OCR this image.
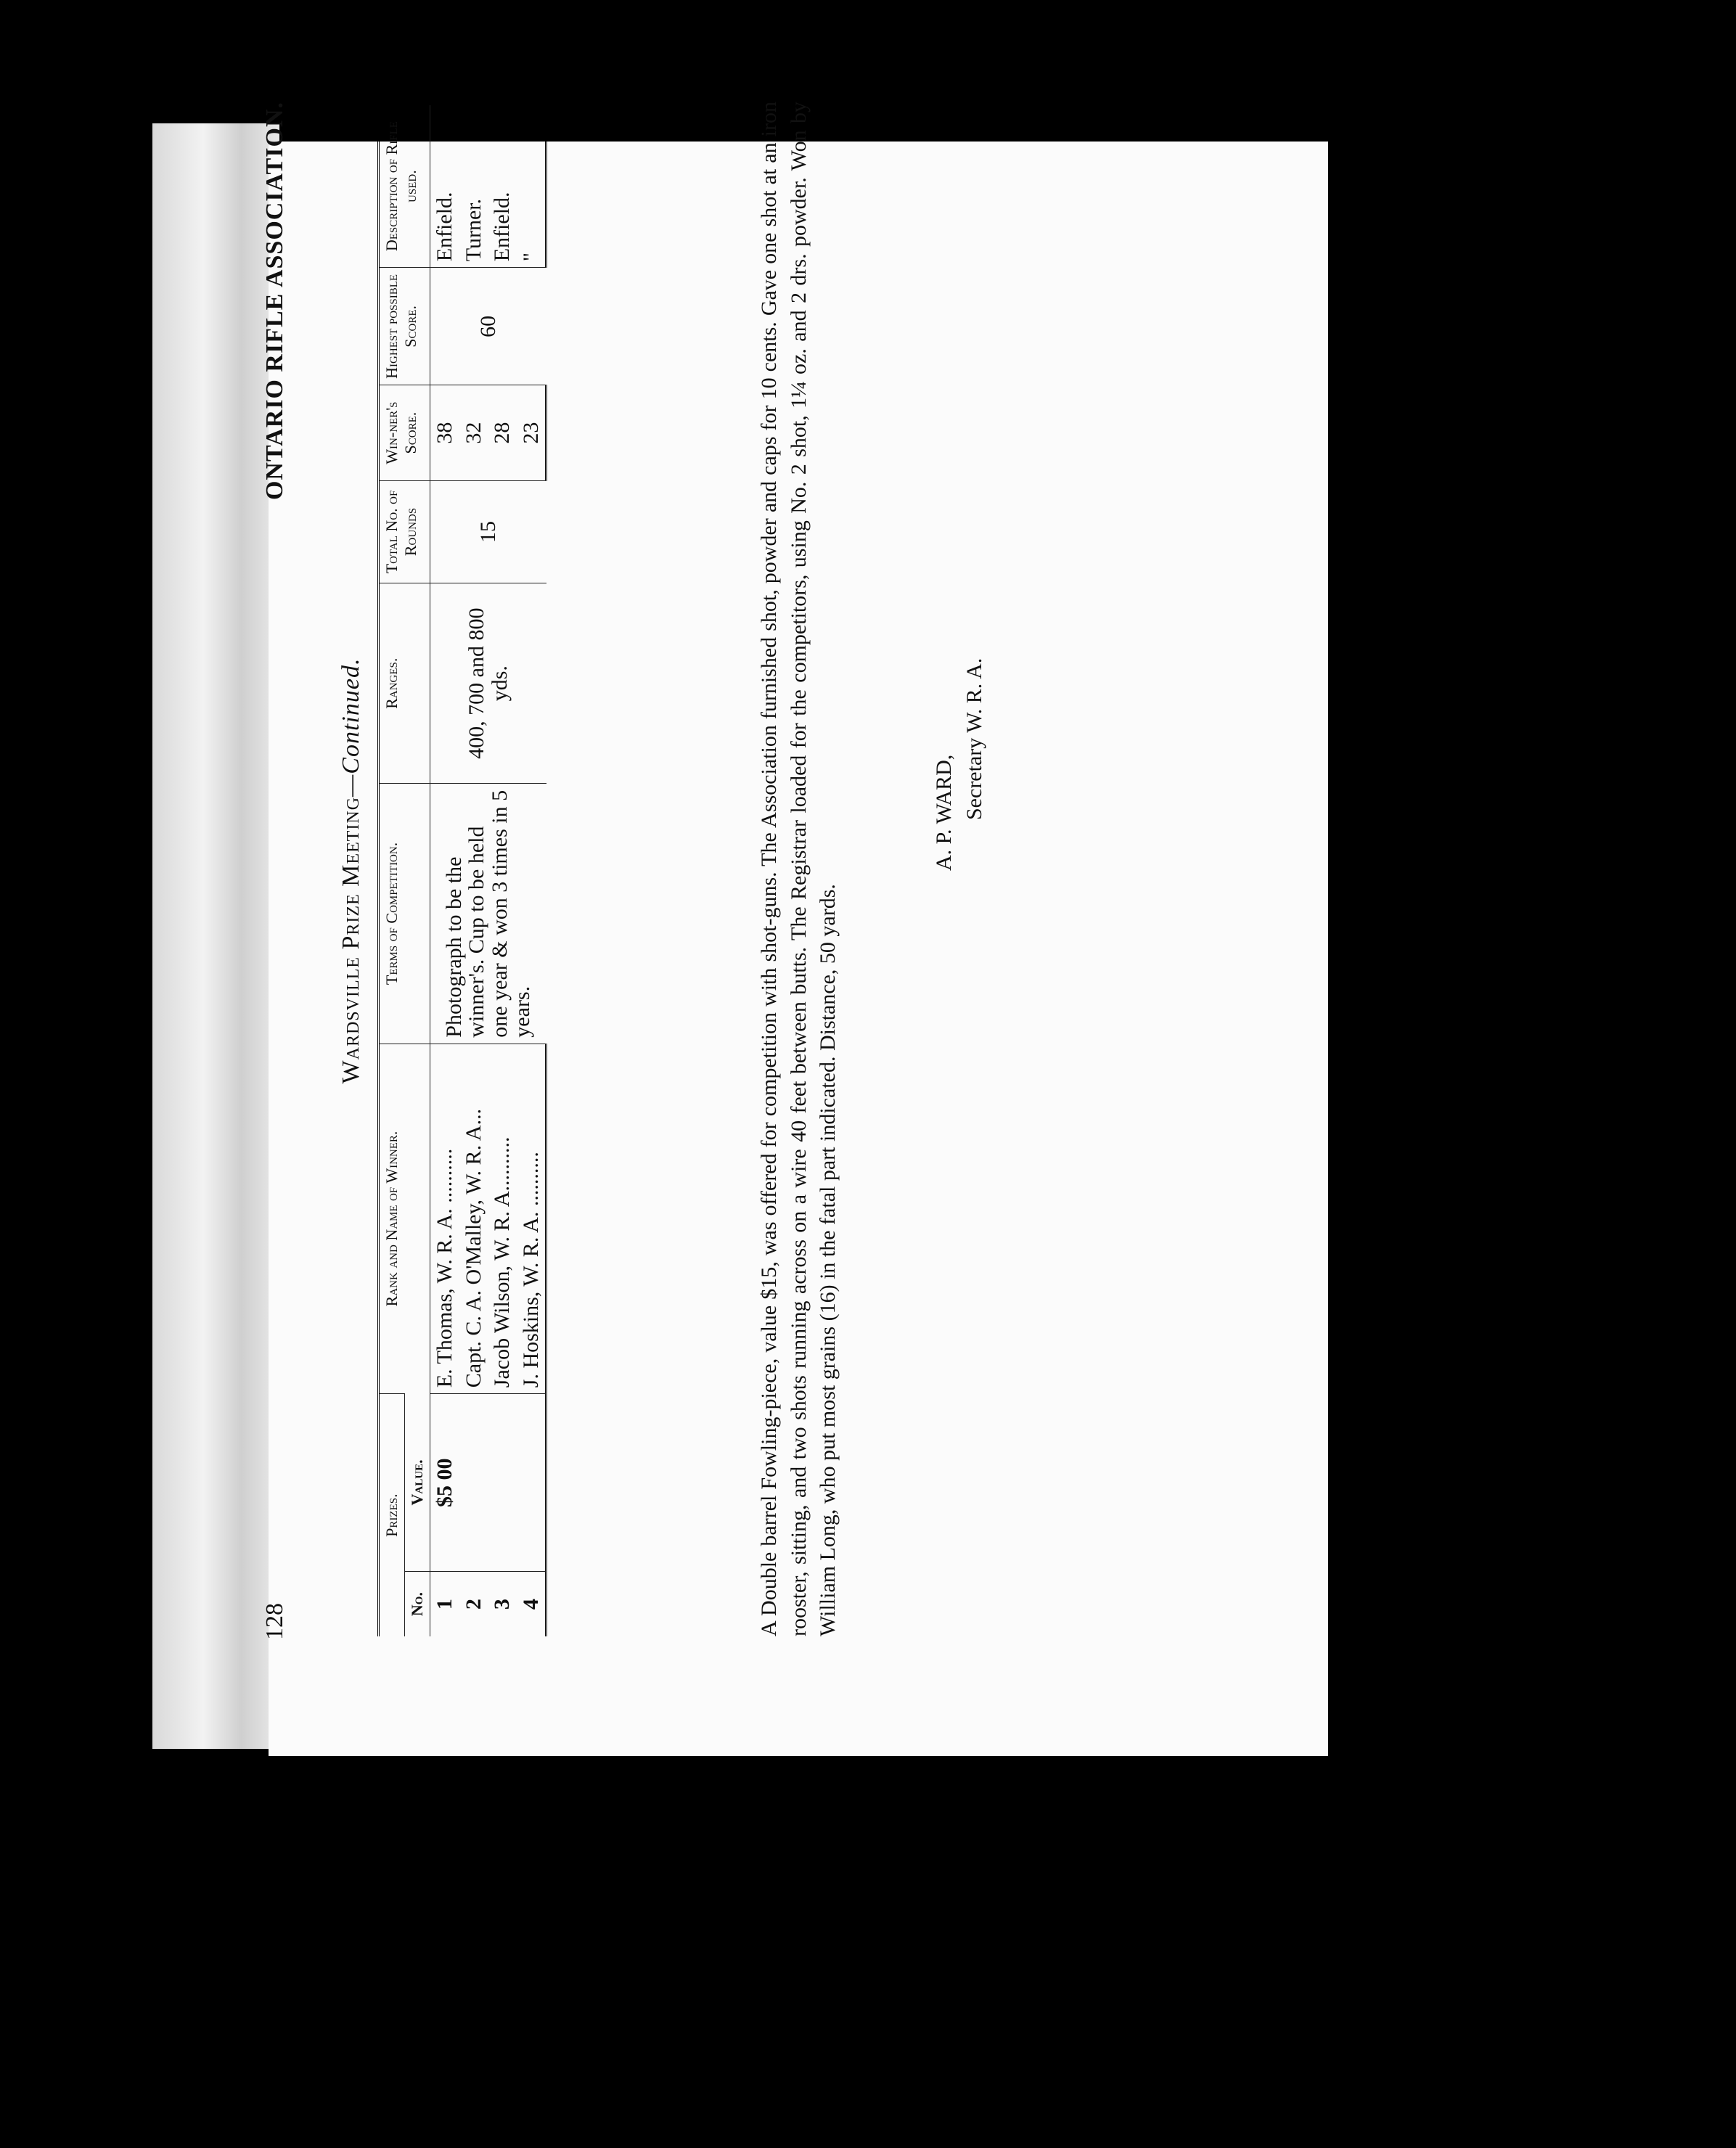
128
ONTARIO RIFLE ASSOCIATION.
Wardsville Prize Meeting—Continued.
Prizes.		Rank and Name of Winner.	Terms of Competition.	Ranges.	Total No. of Rounds	Win-ner's Score.	Highest possible Score.	Description of Rifle used.
No.	Value.							
1	$5 00	E. Thomas, W. R. A. ..........	Photograph to be the winner's. Cup to be held one year & won 3 times in 5 years.	400, 700 and 800 yds.	15	38	60	Enfield.
2		Capt. C. A. O'Malley, W. R. A...				32		Turner.
3		Jacob Wilson, W. R. A..........				28		Enfield.
4		J. Hoskins, W. R. A. ..........				23		"	A Double barrel Fowling-piece, value $15, was offered for competition with shot-guns. The Association furnished shot, powder and caps for 10 cents. Gave one shot at an iron rooster, sitting, and two shots running across on a wire 40 feet between butts. The Registrar loaded for the competitors, using No. 2 shot, 1¼ oz. and 2 drs. powder. Won by William Long, who put most grains (16) in the fatal part indicated. Distance, 50 yards.
A. P. WARD, Secretary W. R. A.
